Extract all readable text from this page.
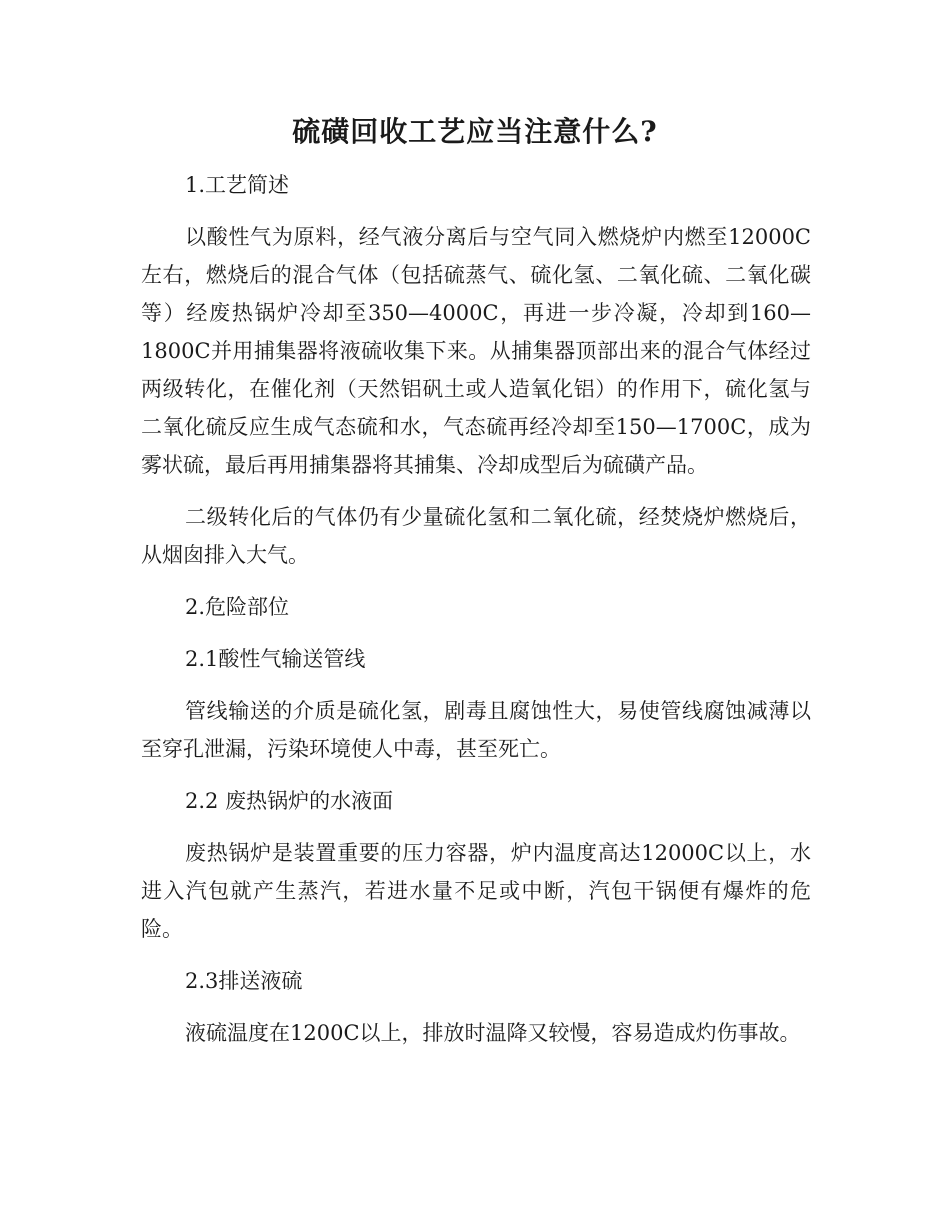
硫磺回收工艺应当注意什么?

1.工艺简述

以酸性气为原料，经气液分离后与空气同入燃烧炉内燃至12000C左右，燃烧后的混合气体（包括硫蒸气、硫化氢、二氧化硫、二氧化碳等）经废热锅炉冷却至350—4000C，再进一步冷凝，冷却到160—1800C并用捕集器将液硫收集下来。从捕集器顶部出来的混合气体经过两级转化，在催化剂（天然铝矾土或人造氧化铝）的作用下，硫化氢与二氧化硫反应生成气态硫和水，气态硫再经冷却至150—1700C，成为雾状硫，最后再用捕集器将其捕集、冷却成型后为硫磺产品。

二级转化后的气体仍有少量硫化氢和二氧化硫，经焚烧炉燃烧后，从烟囱排入大气。

2.危险部位

2.1酸性气输送管线

管线输送的介质是硫化氢，剧毒且腐蚀性大，易使管线腐蚀减薄以至穿孔泄漏，污染环境使人中毒，甚至死亡。

2.2 废热锅炉的水液面

废热锅炉是装置重要的压力容器，炉内温度高达12000C以上，水进入汽包就产生蒸汽，若进水量不足或中断，汽包干锅便有爆炸的危险。

2.3排送液硫

液硫温度在1200C以上，排放时温降又较慢，容易造成灼伤事故。
